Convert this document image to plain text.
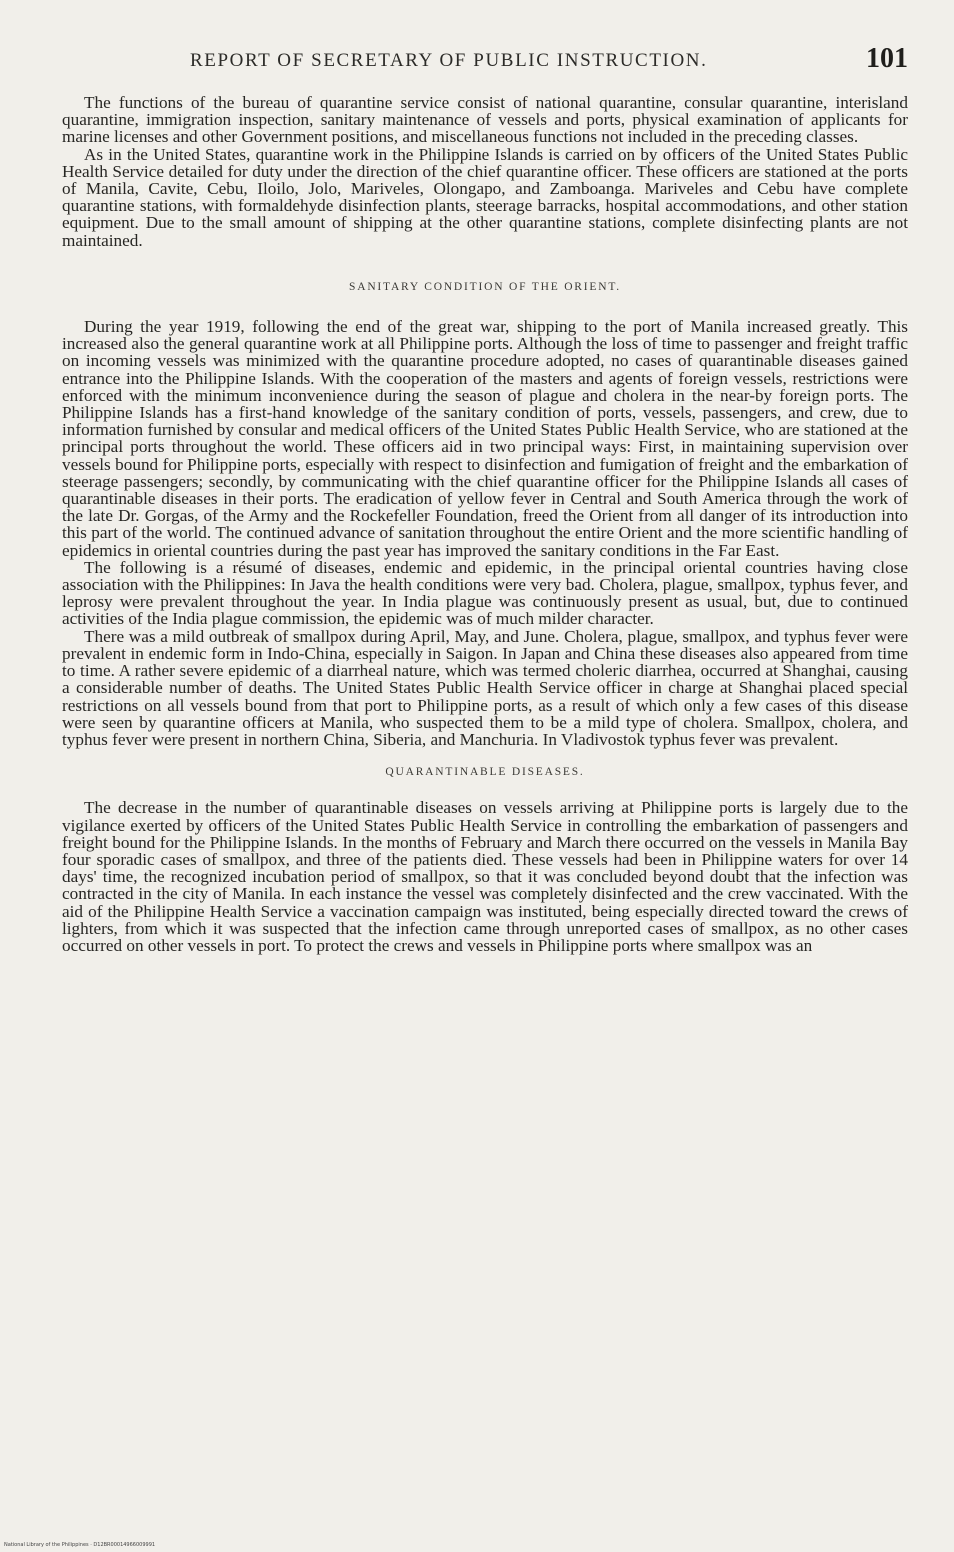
REPORT OF SECRETARY OF PUBLIC INSTRUCTION.	101

The functions of the bureau of quarantine service consist of national quarantine, consular quarantine, interisland quarantine, immigration inspection, sanitary maintenance of vessels and ports, physical examination of applicants for marine licenses and other Government positions, and miscellaneous functions not included in the preceding classes.

As in the United States, quarantine work in the Philippine Islands is carried on by officers of the United States Public Health Service detailed for duty under the direction of the chief quarantine officer. These officers are stationed at the ports of Manila, Cavite, Cebu, Iloilo, Jolo, Mariveles, Olongapo, and Zamboanga. Mariveles and Cebu have complete quarantine stations, with formaldehyde disinfection plants, steerage barracks, hospital accommodations, and other station equipment. Due to the small amount of shipping at the other quarantine stations, complete disinfecting plants are not maintained.

SANITARY CONDITION OF THE ORIENT.

During the year 1919, following the end of the great war, shipping to the port of Manila increased greatly. This increased also the general quarantine work at all Philippine ports. Although the loss of time to passenger and freight traffic on incoming vessels was minimized with the quarantine procedure adopted, no cases of quarantinable diseases gained entrance into the Philippine Islands. With the cooperation of the masters and agents of foreign vessels, restrictions were enforced with the minimum inconvenience during the season of plague and cholera in the near-by foreign ports. The Philippine Islands has a first-hand knowledge of the sanitary condition of ports, vessels, passengers, and crew, due to information furnished by consular and medical officers of the United States Public Health Service, who are stationed at the principal ports throughout the world. These officers aid in two principal ways: First, in maintaining supervision over vessels bound for Philippine ports, especially with respect to disinfection and fumigation of freight and the embarkation of steerage passengers; secondly, by communicating with the chief quarantine officer for the Philippine Islands all cases of quarantinable diseases in their ports. The eradication of yellow fever in Central and South America through the work of the late Dr. Gorgas, of the Army and the Rockefeller Foundation, freed the Orient from all danger of its introduction into this part of the world. The continued advance of sanitation throughout the entire Orient and the more scientific handling of epidemics in oriental countries during the past year has improved the sanitary conditions in the Far East.

The following is a résumé of diseases, endemic and epidemic, in the principal oriental countries having close association with the Philippines: In Java the health conditions were very bad. Cholera, plague, smallpox, typhus fever, and leprosy were prevalent throughout the year. In India plague was continuously present as usual, but, due to continued activities of the India plague commission, the epidemic was of much milder character.

There was a mild outbreak of smallpox during April, May, and June. Cholera, plague, smallpox, and typhus fever were prevalent in endemic form in Indo-China, especially in Saigon. In Japan and China these diseases also appeared from time to time. A rather severe epidemic of a diarrheal nature, which was termed choleric diarrhea, occurred at Shanghai, causing a considerable number of deaths. The United States Public Health Service officer in charge at Shanghai placed special restrictions on all vessels bound from that port to Philippine ports, as a result of which only a few cases of this disease were seen by quarantine officers at Manila, who suspected them to be a mild type of cholera. Smallpox, cholera, and typhus fever were present in northern China, Siberia, and Manchuria. In Vladivostok typhus fever was prevalent.

QUARANTINABLE DISEASES.

The decrease in the number of quarantinable diseases on vessels arriving at Philippine ports is largely due to the vigilance exerted by officers of the United States Public Health Service in controlling the embarkation of passengers and freight bound for the Philippine Islands. In the months of February and March there occurred on the vessels in Manila Bay four sporadic cases of smallpox, and three of the patients died. These vessels had been in Philippine waters for over 14 days' time, the recognized incubation period of smallpox, so that it was concluded beyond doubt that the infection was contracted in the city of Manila. In each instance the vessel was completely disinfected and the crew vaccinated. With the aid of the Philippine Health Service a vaccination campaign was instituted, being especially directed toward the crews of lighters, from which it was suspected that the infection came through unreported cases of smallpox, as no other cases occurred on other vessels in port. To protect the crews and vessels in Philippine ports where smallpox was an

National Library of the Philippines · D12BR00014966009991
